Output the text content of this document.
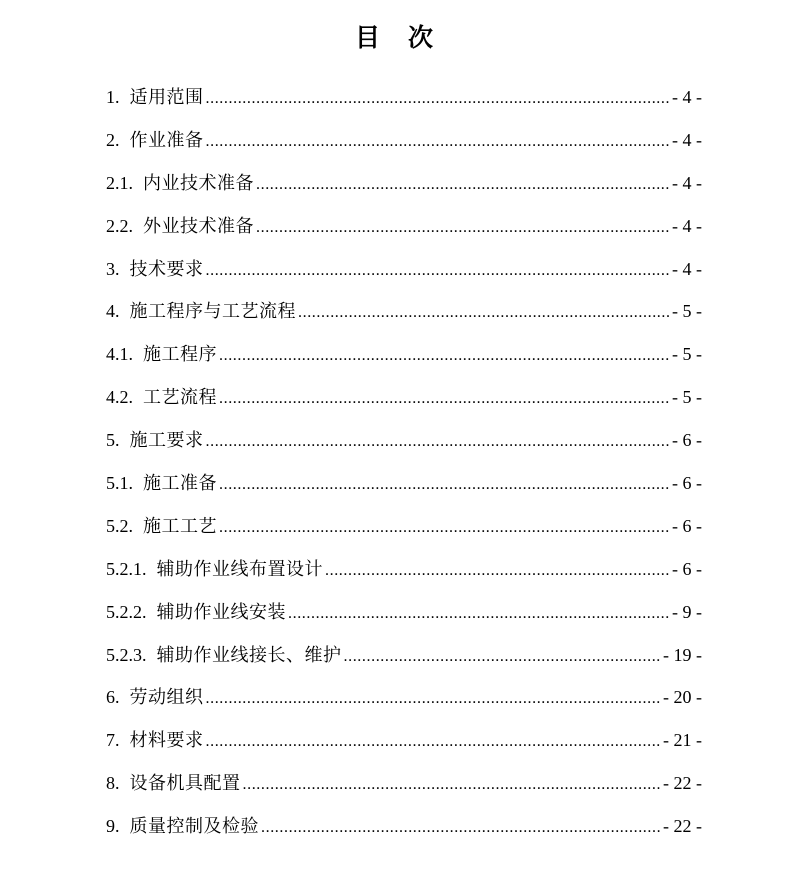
目 次
1. 适用范围 .....	- 4 -
2. 作业准备 .....	- 4 -
2.1. 内业技术准备 .....	- 4 -
2.2. 外业技术准备 .....	- 4 -
3. 技术要求 .....	- 4 -
4. 施工程序与工艺流程 .....	- 5 -
4.1. 施工程序 .....	- 5 -
4.2. 工艺流程 .....	- 5 -
5. 施工要求 .....	- 6 -
5.1. 施工准备 .....	- 6 -
5.2. 施工工艺 .....	- 6 -
5.2.1. 辅助作业线布置设计 .....	- 6 -
5.2.2. 辅助作业线安装 .....	- 9 -
5.2.3. 辅助作业线接长、维护 .....	- 19 -
6. 劳动组织 .....	- 20 -
7. 材料要求 .....	- 21 -
8. 设备机具配置 .....	- 22 -
9. 质量控制及检验 .....	- 22 -
